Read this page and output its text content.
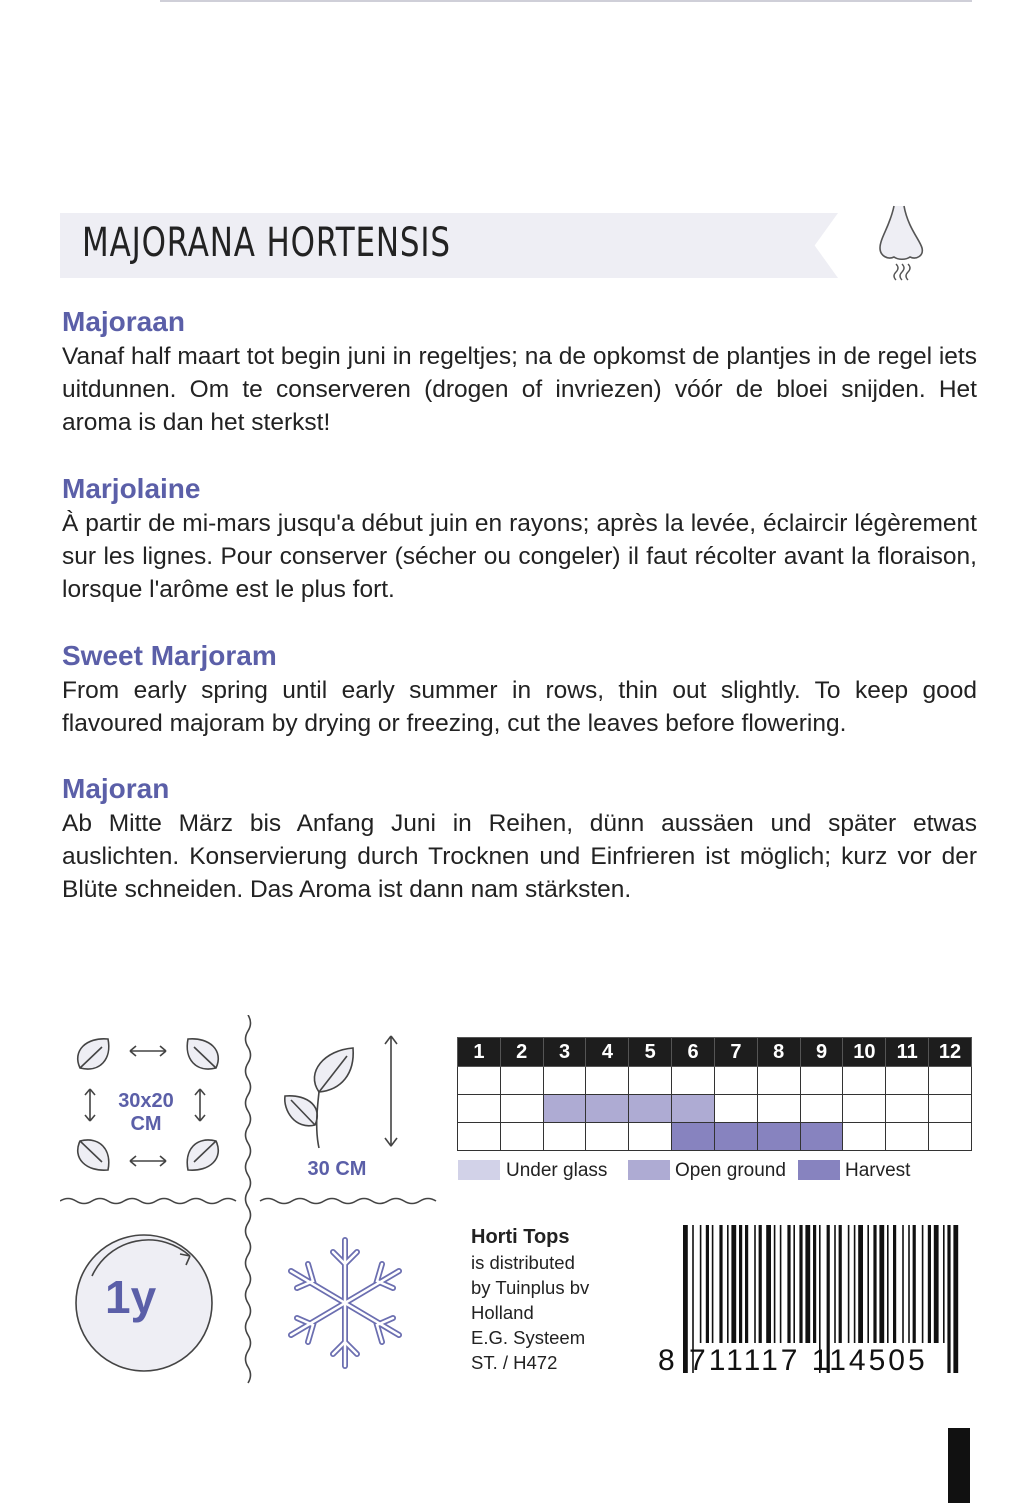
MAJORANA HORTENSIS

Majoraan

Vanaf half maart tot begin juni in regeltjes; na de opkomst de plantjes in de regel iets uitdunnen. Om te conserveren (drogen of invriezen) vóór de bloei snijden. Het aroma is dan het sterkst!

Marjolaine

À partir de mi-mars jusqu'a début juin en rayons; après la levée, éclaircir légèrement sur les lignes. Pour conserver (sécher ou congeler) il faut récolter avant la floraison, lorsque l'arôme est le plus fort.

Sweet Marjoram

From early spring until early summer in rows, thin out slightly. To keep good flavoured majoram by drying or freezing, cut the leaves before flowering.

Majoran

Ab Mitte März bis Anfang Juni in Reihen, dünn aussäen und später etwas auslichten. Konservierung durch Trocknen und Einfrieren ist möglich; kurz vor der Blüte schneiden. Das Aroma ist dann nam stärksten.

30x20
CM
30 CM
1y
1	2	3	4	5	6	7	8	9	10	11	12

Under glass	Open ground	Harvest
Horti Tops
is distributed
by Tuinplus bv
Holland
E.G. Systeem
ST. / H472	8 711117 114505
